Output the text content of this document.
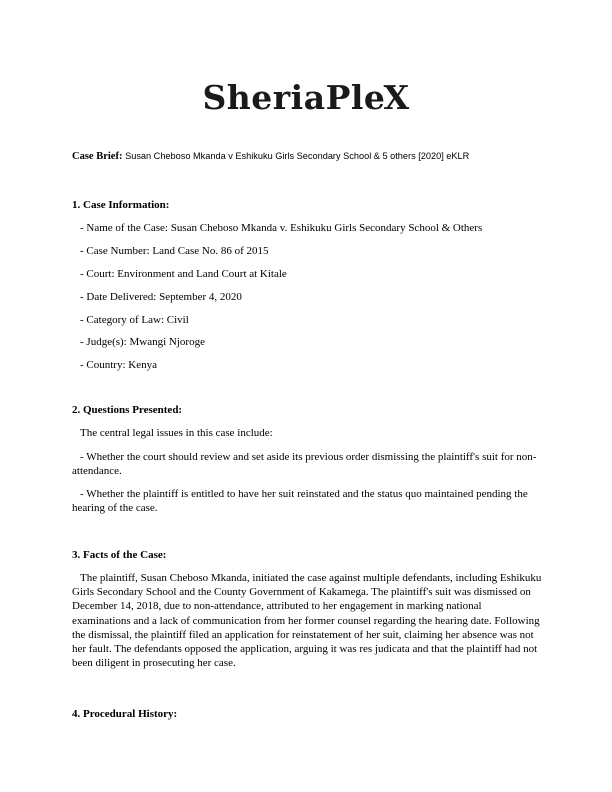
SheriaPleX
Case Brief: Susan Cheboso Mkanda v Eshikuku Girls Secondary School & 5 others [2020] eKLR
1. Case Information:
- Name of the Case: Susan Cheboso Mkanda v. Eshikuku Girls Secondary School & Others
- Case Number: Land Case No. 86 of 2015
- Court: Environment and Land Court at Kitale
- Date Delivered: September 4, 2020
- Category of Law: Civil
- Judge(s): Mwangi Njoroge
- Country: Kenya
2. Questions Presented:
The central legal issues in this case include:

- Whether the court should review and set aside its previous order dismissing the plaintiff's suit for non-attendance.

- Whether the plaintiff is entitled to have her suit reinstated and the status quo maintained pending the hearing of the case.

3. Facts of the Case:

The plaintiff, Susan Cheboso Mkanda, initiated the case against multiple defendants, including Eshikuku Girls Secondary School and the County Government of Kakamega. The plaintiff's suit was dismissed on December 14, 2018, due to non-attendance, attributed to her engagement in marking national examinations and a lack of communication from her former counsel regarding the hearing date. Following the dismissal, the plaintiff filed an application for reinstatement of her suit, claiming her absence was not her fault. The defendants opposed the application, arguing it was res judicata and that the plaintiff had not been diligent in prosecuting her case.

4. Procedural History:
